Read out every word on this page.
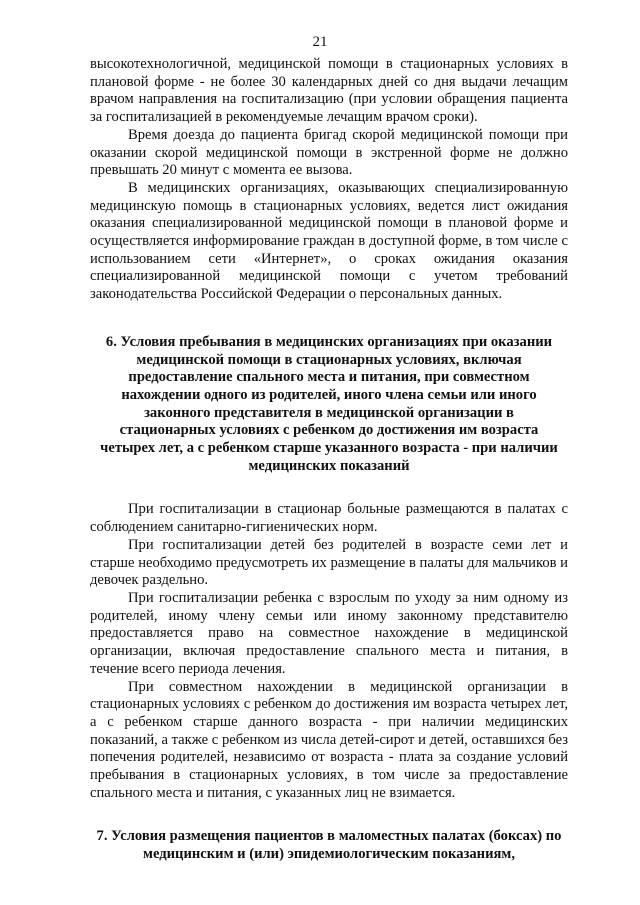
21

высокотехнологичной, медицинской помощи в стационарных условиях в плановой форме - не более 30 календарных дней со дня выдачи лечащим врачом направления на госпитализацию (при условии обращения пациента за госпитализацией в рекомендуемые лечащим врачом сроки).

Время доезда до пациента бригад скорой медицинской помощи при оказании скорой медицинской помощи в экстренной форме не должно превышать 20 минут с момента ее вызова.

В медицинских организациях, оказывающих специализированную медицинскую помощь в стационарных условиях, ведется лист ожидания оказания специализированной медицинской помощи в плановой форме и осуществляется информирование граждан в доступной форме, в том числе с использованием сети «Интернет», о сроках ожидания оказания специализированной медицинской помощи с учетом требований законодательства Российской Федерации о персональных данных.

6. Условия пребывания в медицинских организациях при оказании медицинской помощи в стационарных условиях, включая предоставление спального места и питания, при совместном нахождении одного из родителей, иного члена семьи или иного законного представителя в медицинской организации в стационарных условиях с ребенком до достижения им возраста четырех лет, а с ребенком старше указанного возраста - при наличии медицинских показаний

При госпитализации в стационар больные размещаются в палатах с соблюдением санитарно-гигиенических норм.

При госпитализации детей без родителей в возрасте семи лет и старше необходимо предусмотреть их размещение в палаты для мальчиков и девочек раздельно.

При госпитализации ребенка с взрослым по уходу за ним одному из родителей, иному члену семьи или иному законному представителю предоставляется право на совместное нахождение в медицинской организации, включая предоставление спального места и питания, в течение всего периода лечения.

При совместном нахождении в медицинской организации в стационарных условиях с ребенком до достижения им возраста четырех лет, а с ребенком старше данного возраста - при наличии медицинских показаний, а также с ребенком из числа детей-сирот и детей, оставшихся без попечения родителей, независимо от возраста - плата за создание условий пребывания в стационарных условиях, в том числе за предоставление спального места и питания, с указанных лиц не взимается.

7. Условия размещения пациентов в маломестных палатах (боксах) по медицинским и (или) эпидемиологическим показаниям,
